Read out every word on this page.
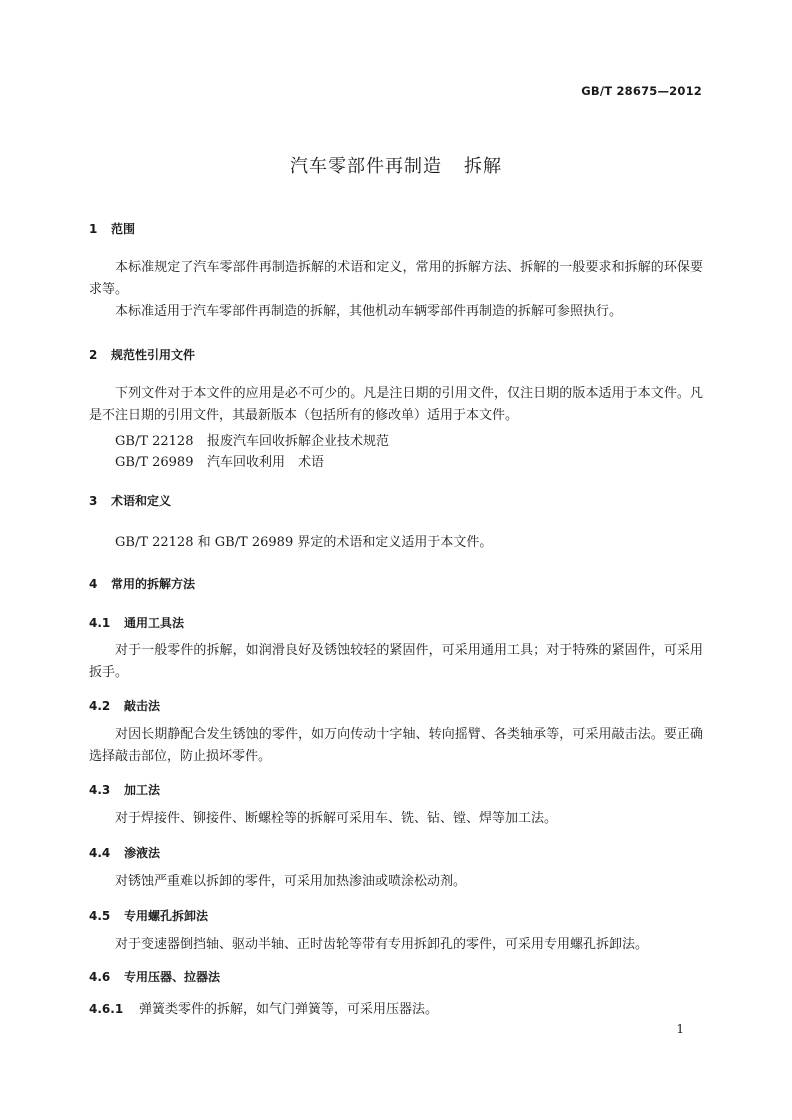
GB/T 28675—2012
汽车零部件再制造 拆解
1 范围
本标准规定了汽车零部件再制造拆解的术语和定义，常用的拆解方法、拆解的一般要求和拆解的环保要求等。
本标准适用于汽车零部件再制造的拆解，其他机动车辆零部件再制造的拆解可参照执行。
2 规范性引用文件
下列文件对于本文件的应用是必不可少的。凡是注日期的引用文件，仅注日期的版本适用于本文件。凡是不注日期的引用文件，其最新版本（包括所有的修改单）适用于本文件。
GB/T 22128 报废汽车回收拆解企业技术规范
GB/T 26989 汽车回收利用　术语
3 术语和定义
GB/T 22128 和 GB/T 26989 界定的术语和定义适用于本文件。
4 常用的拆解方法
4.1 通用工具法
对于一般零件的拆解，如润滑良好及锈蚀较轻的紧固件，可采用通用工具；对于特殊的紧固件，可采用扳手。
4.2 敲击法
对因长期静配合发生锈蚀的零件，如万向传动十字轴、转向摇臂、各类轴承等，可采用敲击法。要正确选择敲击部位，防止损坏零件。
4.3 加工法
对于焊接件、铆接件、断螺栓等的拆解可采用车、铣、钻、镗、焊等加工法。
4.4 渗液法
对锈蚀严重难以拆卸的零件，可采用加热渗油或喷涂松动剂。
4.5 专用螺孔拆卸法
对于变速器倒挡轴、驱动半轴、正时齿轮等带有专用拆卸孔的零件，可采用专用螺孔拆卸法。
4.6 专用压器、拉器法
4.6.1 弹簧类零件的拆解，如气门弹簧等，可采用压器法。
1
